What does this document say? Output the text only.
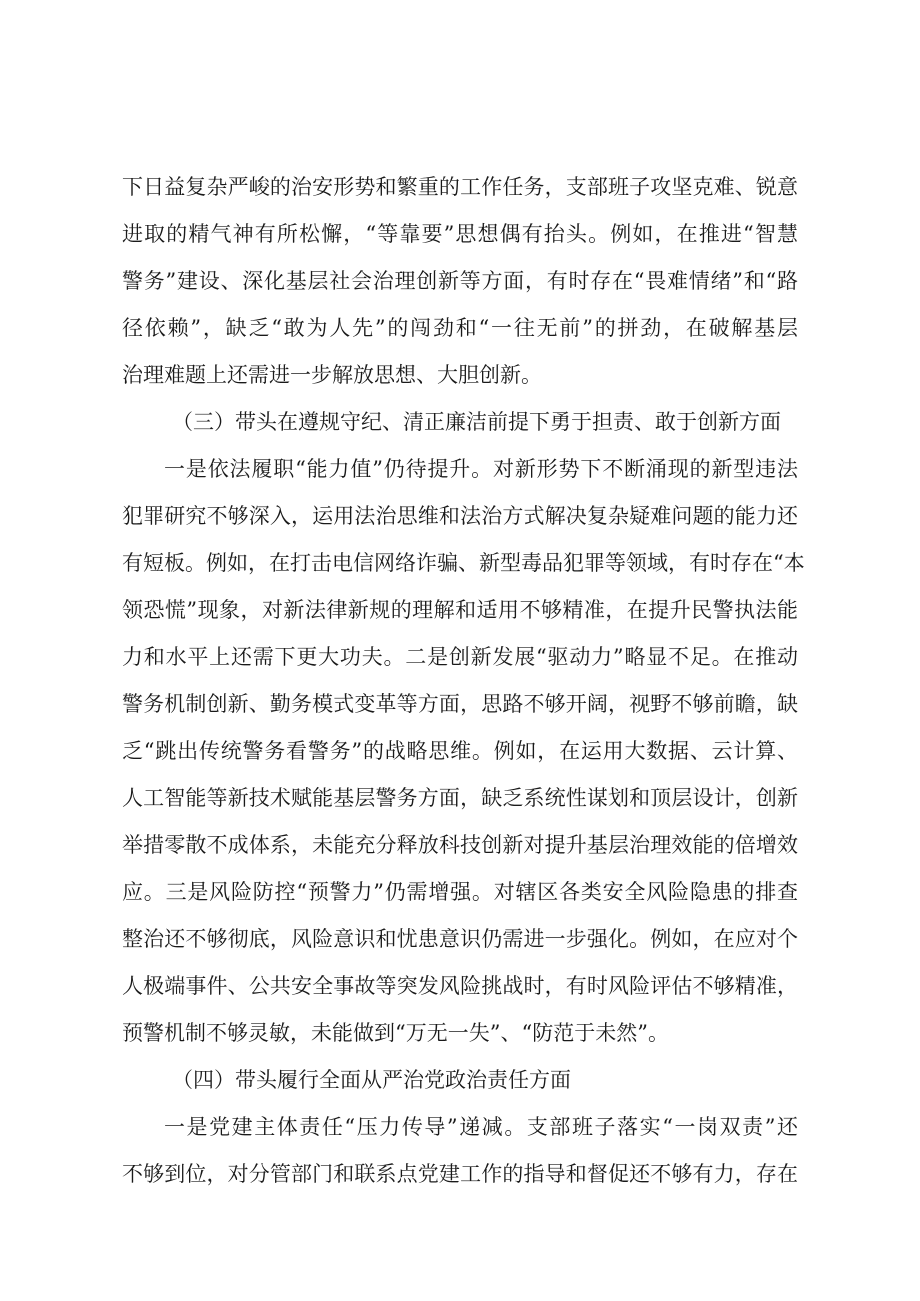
下日益复杂严峻的治安形势和繁重的工作任务，支部班子攻坚克难、锐意
进取的精气神有所松懈，“等靠要”思想偶有抬头。例如，在推进“智慧
警务”建设、深化基层社会治理创新等方面，有时存在“畏难情绪”和“路
径依赖”，缺乏“敢为人先”的闯劲和“一往无前”的拼劲，在破解基层
治理难题上还需进一步解放思想、大胆创新。
（三）带头在遵规守纪、清正廉洁前提下勇于担责、敢于创新方面
一是依法履职“能力值”仍待提升。对新形势下不断涌现的新型违法
犯罪研究不够深入，运用法治思维和法治方式解决复杂疑难问题的能力还
有短板。例如，在打击电信网络诈骗、新型毒品犯罪等领域，有时存在“本
领恐慌”现象，对新法律新规的理解和适用不够精准，在提升民警执法能
力和水平上还需下更大功夫。二是创新发展“驱动力”略显不足。在推动
警务机制创新、勤务模式变革等方面，思路不够开阔，视野不够前瞻，缺
乏“跳出传统警务看警务”的战略思维。例如，在运用大数据、云计算、
人工智能等新技术赋能基层警务方面，缺乏系统性谋划和顶层设计，创新
举措零散不成体系，未能充分释放科技创新对提升基层治理效能的倍增效
应。三是风险防控“预警力”仍需增强。对辖区各类安全风险隐患的排查
整治还不够彻底，风险意识和忧患意识仍需进一步强化。例如，在应对个
人极端事件、公共安全事故等突发风险挑战时，有时风险评估不够精准，
预警机制不够灵敏，未能做到“万无一失”、“防范于未然”。
（四）带头履行全面从严治党政治责任方面
一是党建主体责任“压力传导”递减。支部班子落实“一岗双责”还
不够到位，对分管部门和联系点党建工作的指导和督促还不够有力，存在
